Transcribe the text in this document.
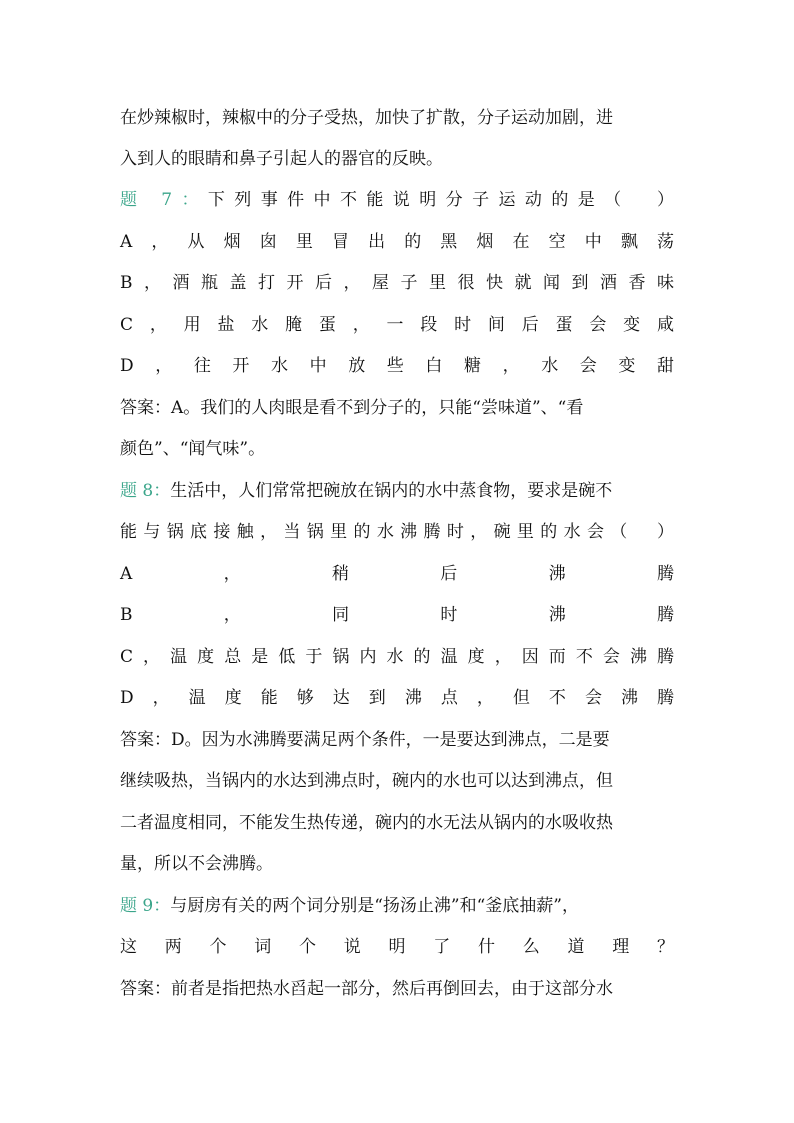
在炒辣椒时，辣椒中的分子受热，加快了扩散，分子运动加剧，进
入到人的眼睛和鼻子引起人的器官的反映。
题 7：下列事件中不能说明分子运动的是（　）
A，从烟囱里冒出的黑烟在空中飘荡
B，酒瓶盖打开后，屋子里很快就闻到酒香味
C，用盐水腌蛋，一段时间后蛋会变咸
D，往开水中放些白糖，水会变甜
答案：A。我们的人肉眼是看不到分子的，只能“尝味道”、“看
颜色”、“闻气味”。
题 8：生活中，人们常常把碗放在锅内的水中蒸食物，要求是碗不
能与锅底接触，当锅里的水沸腾时，碗里的水会（　）
A，稍后沸腾
B，同时沸腾
C，温度总是低于锅内水的温度，因而不会沸腾
D，温度能够达到沸点，但不会沸腾
答案：D。因为水沸腾要满足两个条件，一是要达到沸点，二是要
继续吸热，当锅内的水达到沸点时，碗内的水也可以达到沸点，但
二者温度相同，不能发生热传递，碗内的水无法从锅内的水吸收热
量，所以不会沸腾。
题 9：与厨房有关的两个词分别是“扬汤止沸”和“釜底抽薪”，
这两个词个说明了什么道理？
答案：前者是指把热水舀起一部分，然后再倒回去，由于这部分水
